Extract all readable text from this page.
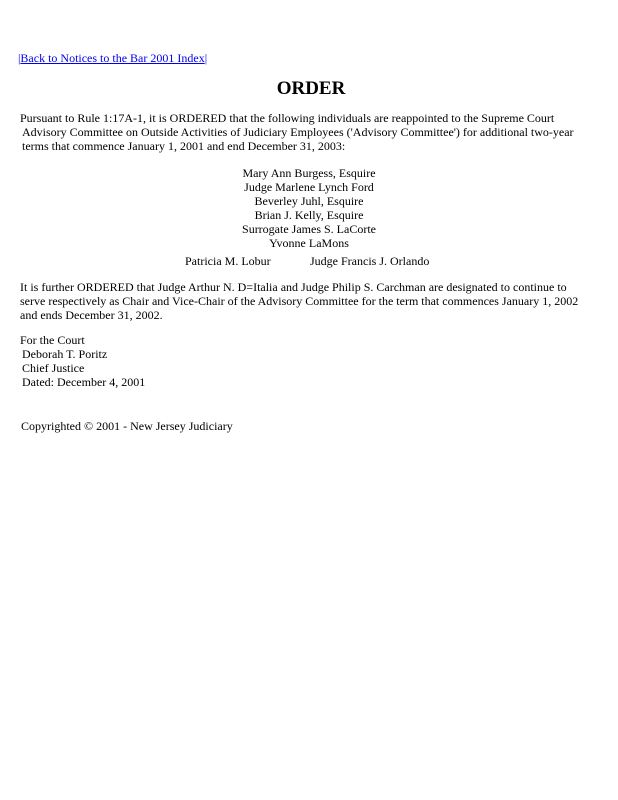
|Back to Notices to the Bar 2001 Index|
ORDER

Pursuant to Rule 1:17A-1, it is ORDERED that the following individuals are reappointed to the Supreme Court
Advisory Committee on Outside Activities of Judiciary Employees ('Advisory Committee') for additional two-year
terms that commence January 1, 2001 and end December 31, 2003:

Mary Ann Burgess, Esquire
Judge Marlene Lynch Ford
Beverley Juhl, Esquire
Brian J. Kelly, Esquire
Surrogate James S. LaCorte
Yvonne LaMons
Patricia M. Lobur	Judge Francis J. Orlando

It is further ORDERED that Judge Arthur N. D=Italia and Judge Philip S. Carchman are designated to continue to
serve respectively as Chair and Vice-Chair of the Advisory Committee for the term that commences January 1, 2002
and ends December 31, 2002.

For the Court
Deborah T. Poritz
Chief Justice
Dated: December 4, 2001
Copyrighted © 2001 - New Jersey Judiciary
